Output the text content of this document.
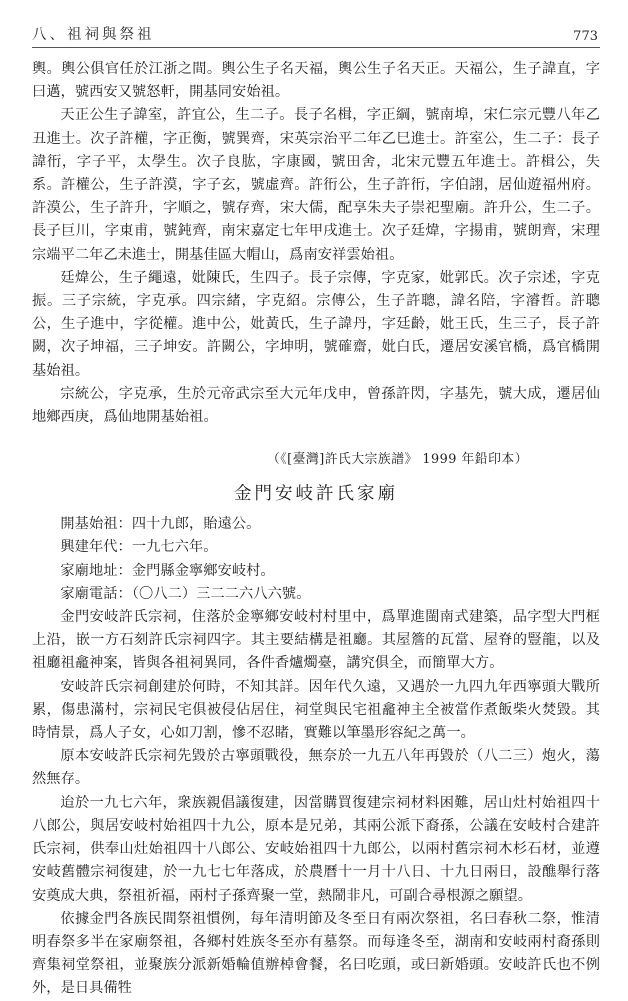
八、祖祠與祭祖	773

輿。輿公俱官任於江浙之間。輿公生子名天福，輿公生子名天正。天福公，生子諱直，字曰邁，號西安又號怒軒，開基同安始祖。

天正公生子諱室，許宜公，生二子。長子名楫，字正綱，號南埠，宋仁宗元豐八年乙丑進士。次子許權，字正衡，號巽齊，宋英宗治平二年乙巳進士。許室公，生二子：長子諱衎，字子平，太學生。次子良肱，字康國，號田舍，北宋元豐五年進士。許楫公，失系。許權公，生子許漠，字子玄，號虛齊。許衎公，生子許衎，字伯詡，居仙遊福州府。許漠公，生子許升，字順之，號存齊，宋大儒，配享朱夫子崇祀聖廟。許升公，生二子。長子巨川，字東甫，號鈍齊，南宋嘉定七年甲戌進士。次子廷煒，字揚甫，號朗齊，宋理宗端平二年乙未進士，開基佳區大帽山，爲南安祥雲始祖。

廷煒公，生子繩遠，妣陳氏，生四子。長子宗傳，字克家，妣郭氏。次子宗述，字克振。三子宗統，字克承。四宗緒，字克紹。宗傳公，生子許聰，諱名陪，字濬哲。許聰公，生子進中，字從權。進中公，妣黃氏，生子諱丹，字廷齡，妣王氏，生三子，長子許闕，次子坤福，三子坤安。許闕公，字坤明，號確齋，妣白氏，遷居安溪官橋，爲官橋開基始祖。

宗統公，字克承，生於元帝武宗至大元年戊申，曾孫許閃，字基先，號大成，遷居仙地鄉西庚，爲仙地開基始祖。

（《[臺灣]許氏大宗族譜》 1999 年鉛印本）

金門安岐許氏家廟

開基始祖：四十九郎，貽遠公。

興建年代：一九七六年。

家廟地址：金門縣金寧鄉安岐村。

家廟電話：（〇八二）三二二六八六號。

金門安岐許氏宗祠，住落於金寧鄉安岐村村里中，爲單進閩南式建築，品字型大門框上沿，嵌一方石刻許氏宗祠四字。其主要結構是祖廳。其屋簷的瓦當、屋脊的豎龍，以及祖廳祖龕神案，皆與各祖祠異同，各件香爐燭臺，講究俱全，而簡單大方。

安岐許氏宗祠創建於何時，不知其詳。因年代久遠，又遇於一九四九年西寧頭大戰所累，傷患滿村，宗祠民宅俱被侵佔居住，祠堂與民宅祖龕神主全被當作煮飯柴火焚毀。其時情景，爲人子女，心如刀割，慘不忍睹，實難以筆墨形容紀之萬一。

原本安岐許氏宗祠先毀於古寧頭戰役，無奈於一九五八年再毀於（八二三）炮火，蕩然無存。

迨於一九七六年，衆族親倡議復建，因當購買復建宗祠材料困難，居山灶村始祖四十八郎公，與居安岐村始祖四十九公，原本是兄弟，其兩公派下裔孫，公議在安岐村合建許氏宗祠，供奉山灶始祖四十八郎公、安岐始祖四十九郎公，以兩村舊宗祠木杉石材，並遵安岐舊體宗祠復建，於一九七七年落成，於農曆十一月十八日、十九日兩日，設醮舉行落安奠成大典，祭祖祈福，兩村子孫齊聚一堂，熱鬧非凡，可副合尋根源之願望。

依據金門各族民間祭祖慣例，每年清明節及冬至日有兩次祭祖，名曰春秋二祭，惟清明春祭多半在家廟祭祖，各鄉村姓族冬至亦有墓祭。而每逢冬至，湖南和安岐兩村裔孫則齊集祠堂祭祖，並聚族分派新婚輪值辦棹會餐，名曰吃頭，或曰新婚頭。安岐許氏也不例外，是日具備牲
